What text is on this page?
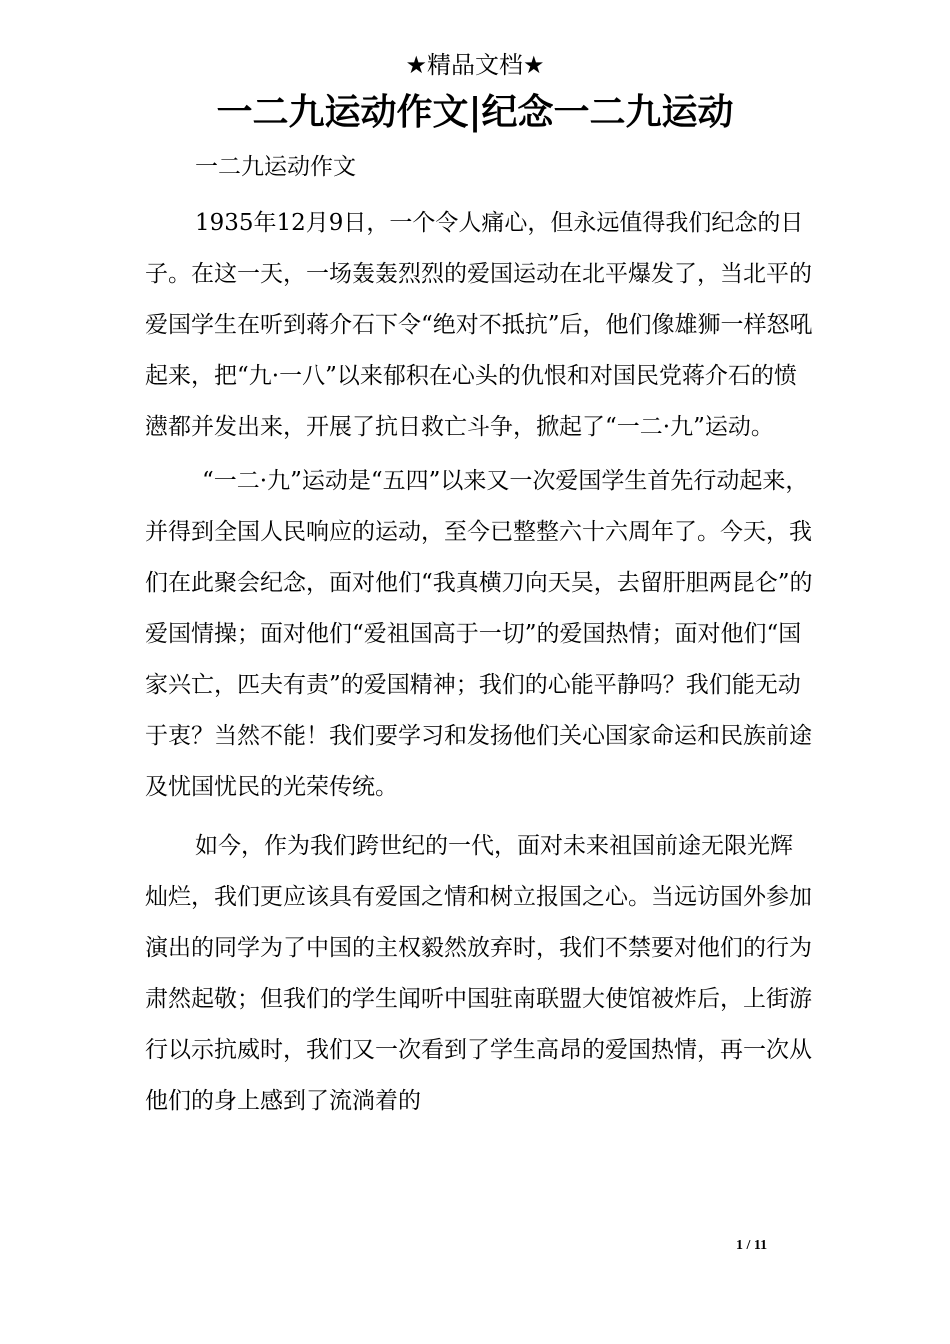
★精品文档★
一二九运动作文|纪念一二九运动
一二九运动作文

1935年12月9日，一个令人痛心，但永远值得我们纪念的日子。在这一天，一场轰轰烈烈的爱国运动在北平爆发了，当北平的爱国学生在听到蒋介石下令“绝对不抵抗”后，他们像雄狮一样怒吼起来，把“九·一八”以来郁积在心头的仇恨和对国民党蒋介石的愤懑都并发出来，开展了抗日救亡斗争，掀起了“一二·九”运动。

“一二·九”运动是“五四”以来又一次爱国学生首先行动起来，并得到全国人民响应的运动，至今已整整六十六周年了。今天，我们在此聚会纪念，面对他们“我真横刀向天吴，去留肝胆两昆仑”的爱国情操；面对他们“爱祖国高于一切”的爱国热情；面对他们“国家兴亡，匹夫有责”的爱国精神；我们的心能平静吗？我们能无动于衷？当然不能！我们要学习和发扬他们关心国家命运和民族前途及忧国忧民的光荣传统。

如今，作为我们跨世纪的一代，面对未来祖国前途无限光辉灿烂，我们更应该具有爱国之情和树立报国之心。当远访国外参加演出的同学为了中国的主权毅然放弃时，我们不禁要对他们的行为肃然起敬；但我们的学生闻听中国驻南联盟大使馆被炸后，上街游行以示抗威时，我们又一次看到了学生高昂的爱国热情，再一次从他们的身上感到了流淌着的

1 / 11
